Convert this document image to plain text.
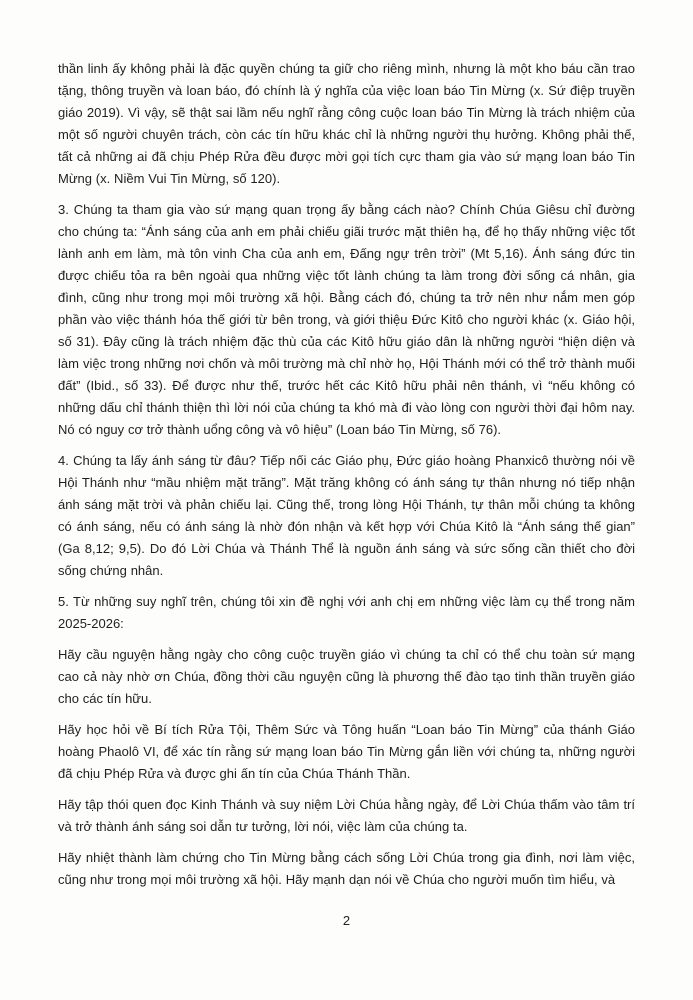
thần linh ấy không phải là đặc quyền chúng ta giữ cho riêng mình, nhưng là một kho báu cần trao tặng, thông truyền và loan báo, đó chính là ý nghĩa của việc loan báo Tin Mừng (x. Sứ điệp truyền giáo 2019). Vì vậy, sẽ thật sai lầm nếu nghĩ rằng công cuộc loan báo Tin Mừng là trách nhiệm của một số người chuyên trách, còn các tín hữu khác chỉ là những người thụ hưởng. Không phải thế, tất cả những ai đã chịu Phép Rửa đều được mời gọi tích cực tham gia vào sứ mạng loan báo Tin Mừng (x. Niềm Vui Tin Mừng, số 120).

3. Chúng ta tham gia vào sứ mạng quan trọng ấy bằng cách nào? Chính Chúa Giêsu chỉ đường cho chúng ta: “Ánh sáng của anh em phải chiếu giãi trước mặt thiên hạ, để họ thấy những việc tốt lành anh em làm, mà tôn vinh Cha của anh em, Đấng ngự trên trời” (Mt 5,16). Ánh sáng đức tin được chiếu tỏa ra bên ngoài qua những việc tốt lành chúng ta làm trong đời sống cá nhân, gia đình, cũng như trong mọi môi trường xã hội. Bằng cách đó, chúng ta trở nên như nắm men góp phần vào việc thánh hóa thế giới từ bên trong, và giới thiệu Đức Kitô cho người khác (x. Giáo hội, số 31). Đây cũng là trách nhiệm đặc thù của các Kitô hữu giáo dân là những người “hiện diện và làm việc trong những nơi chốn và môi trường mà chỉ nhờ họ, Hội Thánh mới có thể trở thành muối đất” (Ibid., số 33). Để được như thế, trước hết các Kitô hữu phải nên thánh, vì “nếu không có những dấu chỉ thánh thiện thì lời nói của chúng ta khó mà đi vào lòng con người thời đại hôm nay. Nó có nguy cơ trở thành uổng công và vô hiệu” (Loan báo Tin Mừng, số 76).

4. Chúng ta lấy ánh sáng từ đâu? Tiếp nối các Giáo phụ, Đức giáo hoàng Phanxicô thường nói về Hội Thánh như “mầu nhiệm mặt trăng”. Mặt trăng không có ánh sáng tự thân nhưng nó tiếp nhận ánh sáng mặt trời và phản chiếu lại. Cũng thế, trong lòng Hội Thánh, tự thân mỗi chúng ta không có ánh sáng, nếu có ánh sáng là nhờ đón nhận và kết hợp với Chúa Kitô là “Ánh sáng thế gian” (Ga 8,12; 9,5). Do đó Lời Chúa và Thánh Thể là nguồn ánh sáng và sức sống cần thiết cho đời sống chứng nhân.

5. Từ những suy nghĩ trên, chúng tôi xin đề nghị với anh chị em những việc làm cụ thể trong năm 2025-2026:

Hãy cầu nguyện hằng ngày cho công cuộc truyền giáo vì chúng ta chỉ có thể chu toàn sứ mạng cao cả này nhờ ơn Chúa, đồng thời cầu nguyện cũng là phương thế đào tạo tinh thần truyền giáo cho các tín hữu.

Hãy học hỏi về Bí tích Rửa Tội, Thêm Sức và Tông huấn “Loan báo Tin Mừng” của thánh Giáo hoàng Phaolô VI, để xác tín rằng sứ mạng loan báo Tin Mừng gắn liền với chúng ta, những người đã chịu Phép Rửa và được ghi ấn tín của Chúa Thánh Thần.

Hãy tập thói quen đọc Kinh Thánh và suy niệm Lời Chúa hằng ngày, để Lời Chúa thấm vào tâm trí và trở thành ánh sáng soi dẫn tư tưởng, lời nói, việc làm của chúng ta.

Hãy nhiệt thành làm chứng cho Tin Mừng bằng cách sống Lời Chúa trong gia đình, nơi làm việc, cũng như trong mọi môi trường xã hội. Hãy mạnh dạn nói về Chúa cho người muốn tìm hiểu, và

2
